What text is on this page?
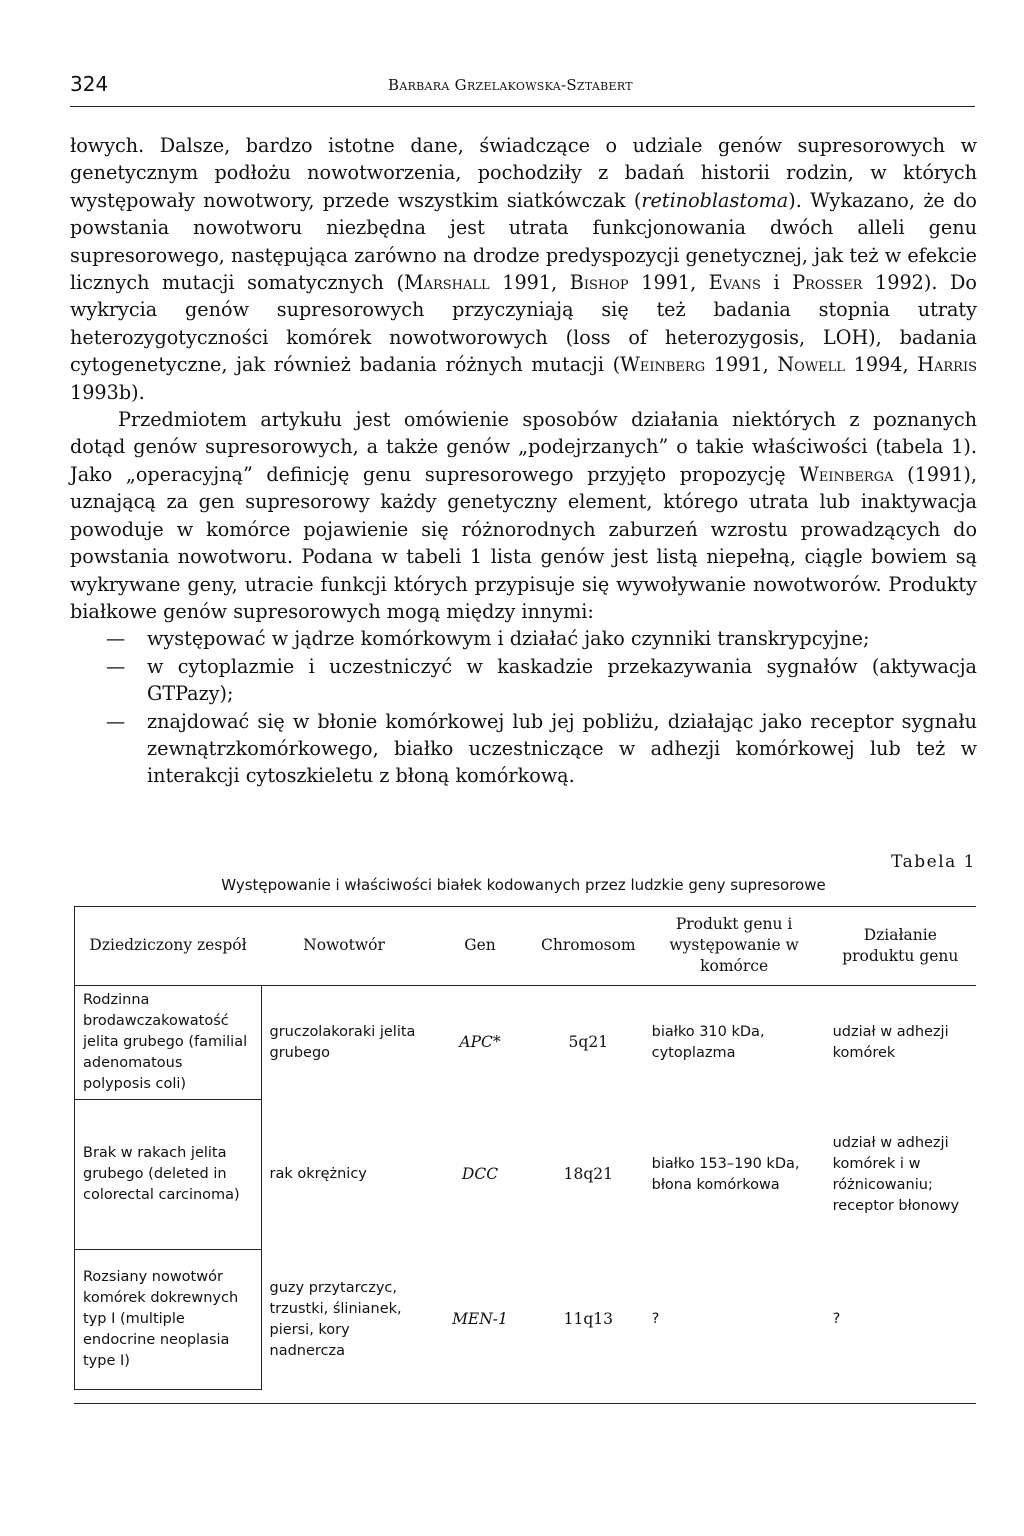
324	Barbara Grzelakowska-Sztabert

łowych. Dalsze, bardzo istotne dane, świadczące o udziale genów supresorowych w genetycznym podłożu nowotworzenia, pochodziły z badań historii rodzin, w których występowały nowotwory, przede wszystkim siatkówczak (retinoblastoma). Wykazano, że do powstania nowotworu niezbędna jest utrata funkcjonowania dwóch alleli genu supresorowego, następująca zarówno na drodze predyspozycji genetycznej, jak też w efekcie licznych mutacji somatycznych (Marshall 1991, Bishop 1991, Evans i Prosser 1992). Do wykrycia genów supresorowych przyczyniają się też badania stopnia utraty heterozygotyczności komórek nowotworowych (loss of heterozygosis, LOH), badania cytogenetyczne, jak również badania różnych mutacji (Weinberg 1991, Nowell 1994, Harris 1993b).

Przedmiotem artykułu jest omówienie sposobów działania niektórych z poznanych dotąd genów supresorowych, a także genów „podejrzanych” o takie właściwości (tabela 1). Jako „operacyjną” definicję genu supresorowego przyjęto propozycję Weinberga (1991), uznającą za gen supresorowy każdy genetyczny element, którego utrata lub inaktywacja powoduje w komórce pojawienie się różnorodnych zaburzeń wzrostu prowadzących do powstania nowotworu. Podana w tabeli 1 lista genów jest listą niepełną, ciągle bowiem są wykrywane geny, utracie funkcji których przypisuje się wywoływanie nowotworów. Produkty białkowe genów supresorowych mogą między innymi:

— występować w jądrze komórkowym i działać jako czynniki transkrypcyjne;
— w cytoplazmie i uczestniczyć w kaskadzie przekazywania sygnałów (aktywacja GTPazy);
— znajdować się w błonie komórkowej lub jej pobliżu, działając jako receptor sygnału zewnątrzkomórkowego, białko uczestniczące w adhezji komórkowej lub też w interakcji cytoszkieletu z błoną komórkową.
Tabela 1
Występowanie i właściwości białek kodowanych przez ludzkie geny supresorowe
Dziedziczony zespół	Nowotwór	Gen	Chromosom	Produkt genu i występowanie w komórce	Działanie produktu genu
Rodzinna brodawczakowatość jelita grubego (familial adenomatous polyposis coli)	gruczolakoraki jelita grubego	APC*	5q21	białko 310 kDa, cytoplazma	udział w adhezji komórek
Brak w rakach jelita grubego (deleted in colorectal carcinoma)	rak okrężnicy	DCC	18q21	białko 153–190 kDa, błona komórkowa	udział w adhezji komórek i w różnicowaniu; receptor błonowy
Rozsiany nowotwór komórek dokrewnych typ I (multiple endocrine neoplasia type I)	guzy przytarczyc, trzustki, ślinianek, piersi, kory nadnercza	MEN-1	11q13	?	?
